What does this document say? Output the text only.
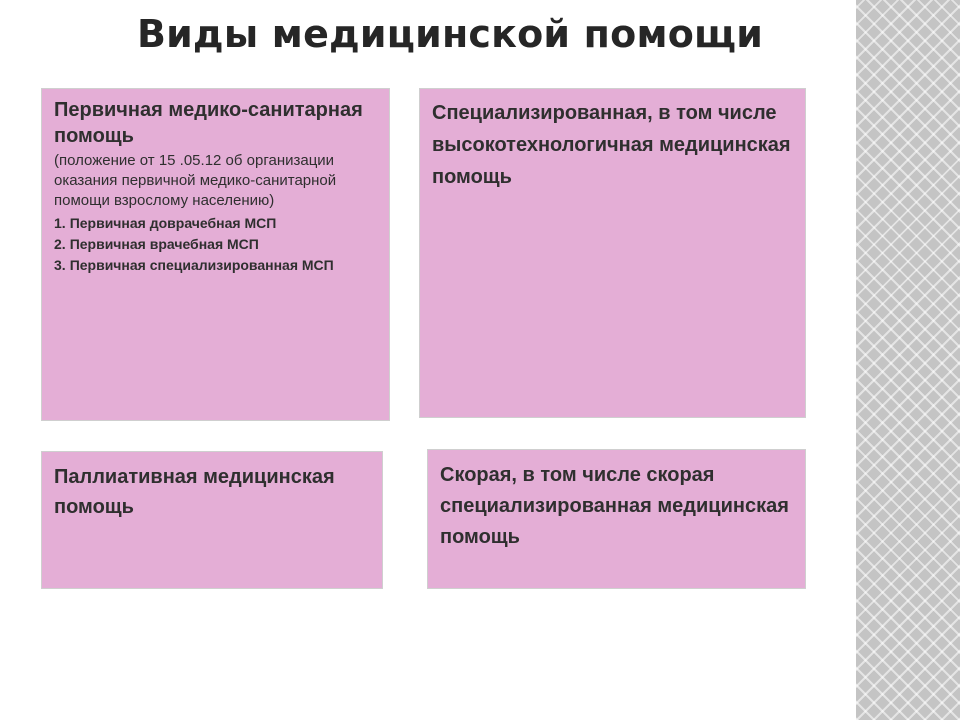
Виды медицинской помощи
Первичная медико-санитарная помощь
(положение от 15 .05.12 об организации оказания первичной медико-санитарной помощи взрослому населению)
1. Первичная доврачебная МСП
2. Первичная врачебная МСП
3. Первичная специализированная МСП
Специализированная, в том числе высокотехнологичная медицинская помощь
Паллиативная медицинская помощь
Скорая, в том числе скорая специализированная медицинская помощь
